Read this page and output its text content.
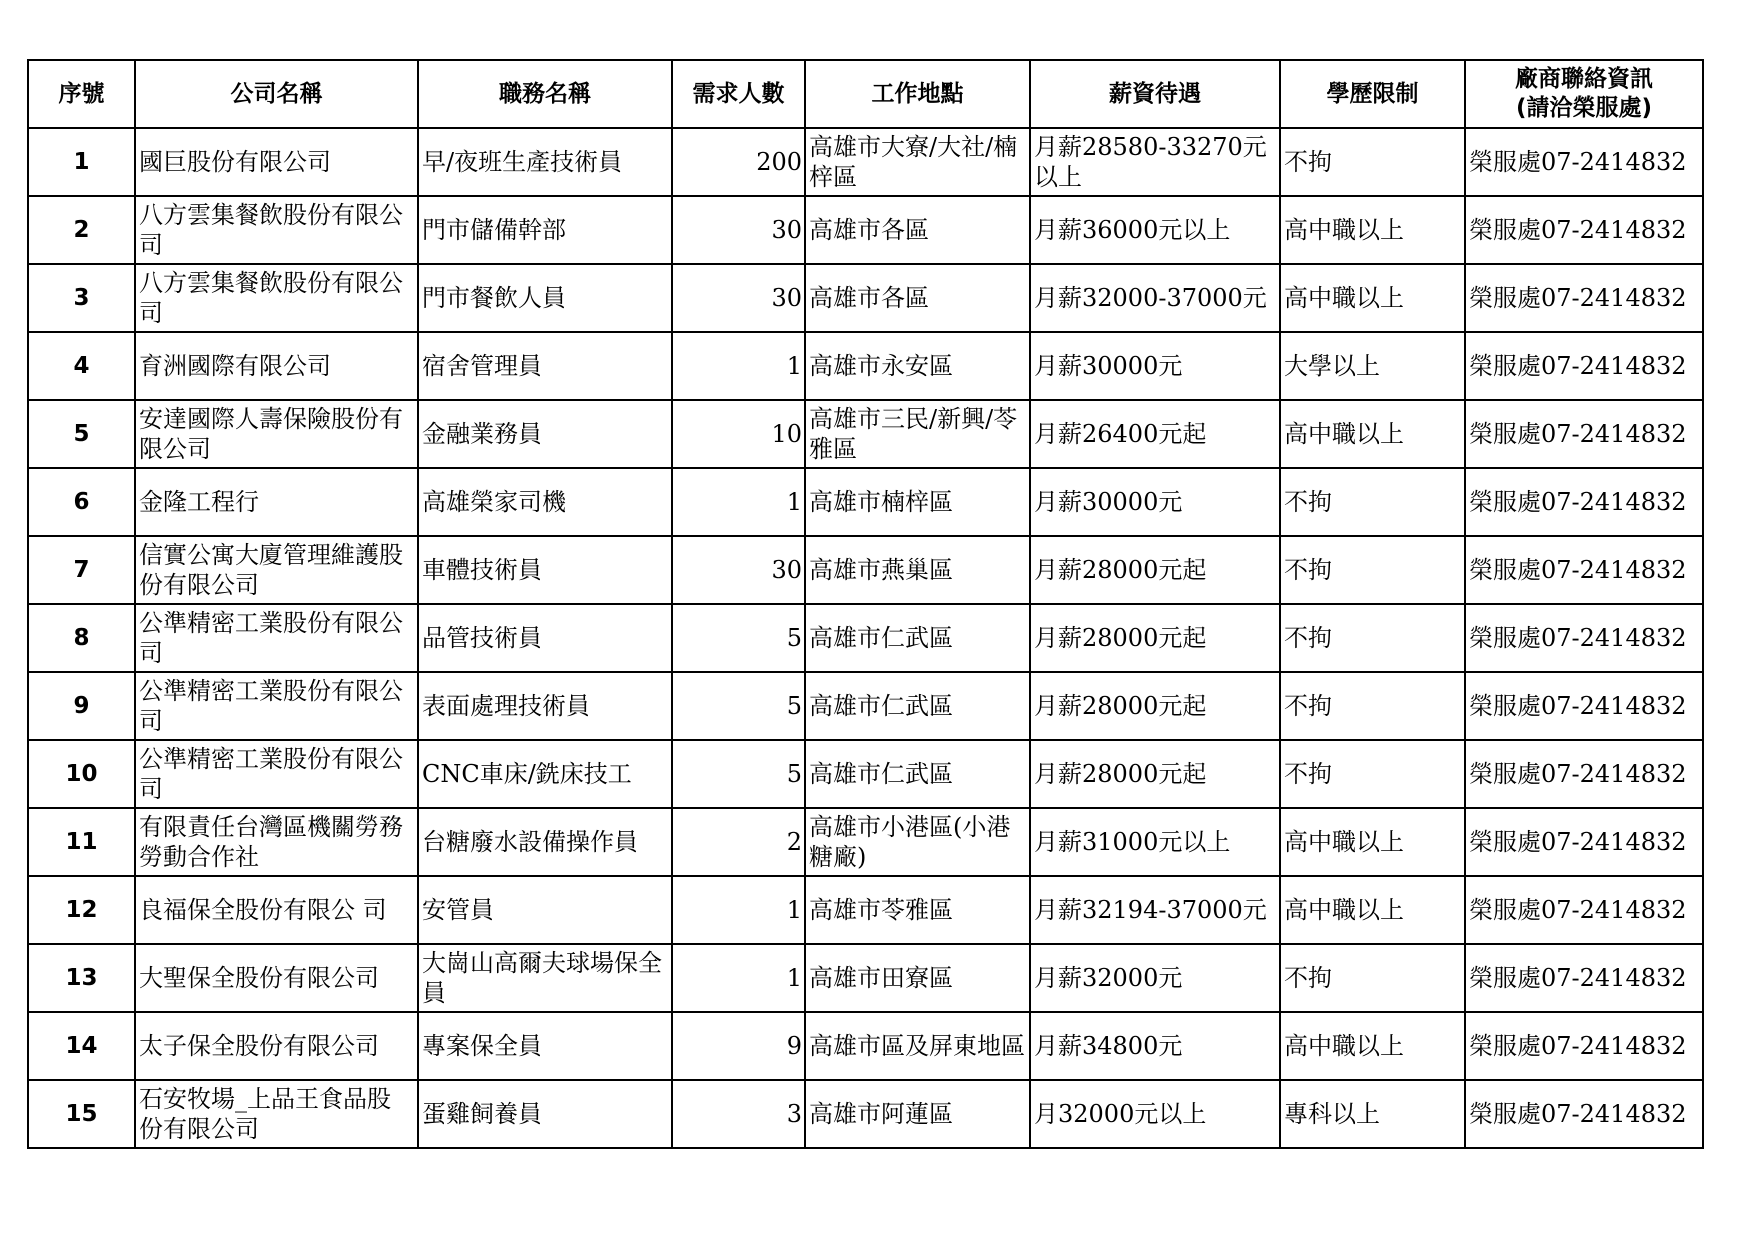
序號	公司名稱	職務名稱	需求人數	工作地點	薪資待遇	學歷限制	廠商聯絡資訊
(請洽榮服處)

1	國巨股份有限公司	早/夜班生產技術員	200	高雄市大寮/大社/楠梓區	月薪28580-33270元以上	不拘	榮服處07-2414832
2	八方雲集餐飲股份有限公司	門市儲備幹部	30	高雄市各區	月薪36000元以上	高中職以上	榮服處07-2414832
3	八方雲集餐飲股份有限公司	門市餐飲人員	30	高雄市各區	月薪32000-37000元	高中職以上	榮服處07-2414832
4	育洲國際有限公司	宿舍管理員	1	高雄市永安區	月薪30000元	大學以上	榮服處07-2414832
5	安達國際人壽保險股份有限公司	金融業務員	10	高雄市三民/新興/苓雅區	月薪26400元起	高中職以上	榮服處07-2414832
6	金隆工程行	高雄榮家司機	1	高雄市楠梓區	月薪30000元	不拘	榮服處07-2414832
7	信實公寓大廈管理維護股份有限公司	車體技術員	30	高雄市燕巢區	月薪28000元起	不拘	榮服處07-2414832
8	公準精密工業股份有限公司	品管技術員	5	高雄市仁武區	月薪28000元起	不拘	榮服處07-2414832
9	公準精密工業股份有限公司	表面處理技術員	5	高雄市仁武區	月薪28000元起	不拘	榮服處07-2414832
10	公準精密工業股份有限公司	CNC車床/銑床技工	5	高雄市仁武區	月薪28000元起	不拘	榮服處07-2414832
11	有限責任台灣區機關勞務勞動合作社	台糖廢水設備操作員	2	高雄市小港區(小港糖廠)	月薪31000元以上	高中職以上	榮服處07-2414832
12	良福保全股份有限公 司	安管員	1	高雄市苓雅區	月薪32194-37000元	高中職以上	榮服處07-2414832
13	大聖保全股份有限公司	大崗山高爾夫球場保全員	1	高雄市田寮區	月薪32000元	不拘	榮服處07-2414832
14	太子保全股份有限公司	專案保全員	9	高雄市區及屏東地區	月薪34800元	高中職以上	榮服處07-2414832
15	石安牧場_上品王食品股份有限公司	蛋雞飼養員	3	高雄市阿蓮區	月32000元以上	專科以上	榮服處07-2414832
